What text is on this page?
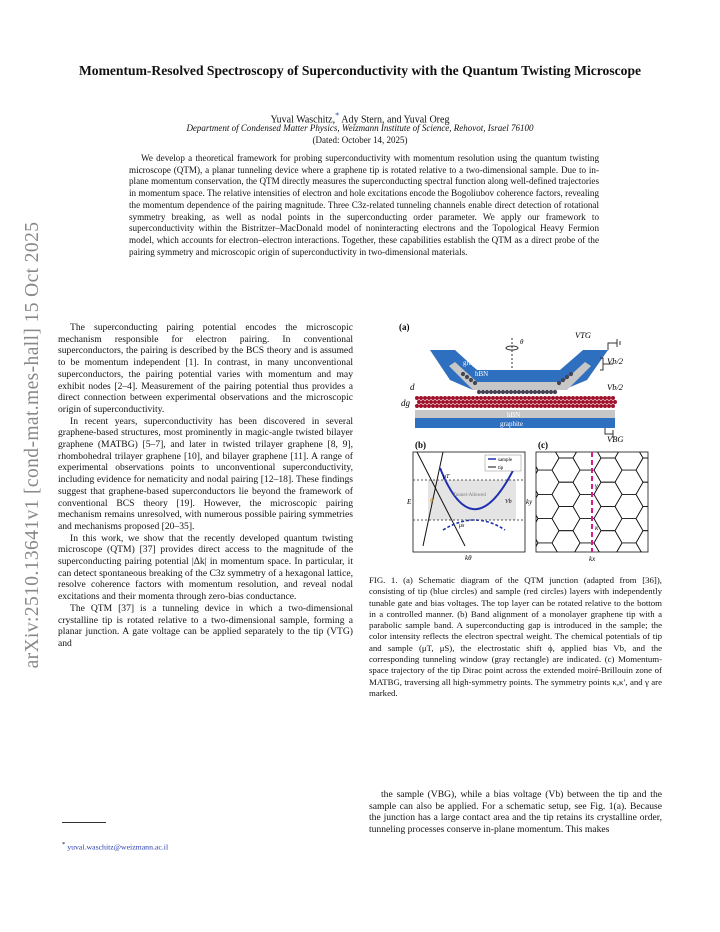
arXiv:2510.13641v1 [cond-mat.mes-hall] 15 Oct 2025
Momentum-Resolved Spectroscopy of Superconductivity with the Quantum Twisting Microscope
Yuval Waschitz,* Ady Stern, and Yuval Oreg
Department of Condensed Matter Physics, Weizmann Institute of Science, Rehovot, Israel 76100
(Dated: October 14, 2025)

We develop a theoretical framework for probing superconductivity with momentum resolution using the quantum twisting microscope (QTM), a planar tunneling device where a graphene tip is rotated relative to a two-dimensional sample. Due to in-plane momentum conservation, the QTM directly measures the superconducting spectral function along well-defined trajectories in momentum space. The relative intensities of electron and hole excitations encode the Bogoliubov coherence factors, revealing the momentum dependence of the pairing magnitude. Three C3z-related tunneling channels enable direct detection of rotational symmetry breaking, as well as nodal points in the superconducting order parameter. We apply our framework to superconductivity within the Bistritzer–MacDonald model of noninteracting electrons and the Topological Heavy Fermion model, which accounts for electron–electron interactions. Together, these capabilities establish the QTM as a direct probe of the pairing symmetry and microscopic origin of superconductivity in two-dimensional materials.

The superconducting pairing potential encodes the microscopic mechanism responsible for electron pairing. In conventional superconductors, the pairing is described by the BCS theory and is assumed to be momentum independent [1]. In contrast, in many unconventional superconductors, the pairing potential varies with momentum and may exhibit nodes [2–4]. Measurement of the pairing potential thus provides a direct connection between experimental observations and the microscopic origin of superconductivity.

In recent years, superconductivity has been discovered in several graphene-based structures, most prominently in magic-angle twisted bilayer graphene (MATBG) [5–7], and later in twisted trilayer graphene [8, 9], rhombohedral trilayer graphene [10], and bilayer graphene [11]. A range of experimental observations points to unconventional superconductivity, including evidence for nematicity and nodal pairing [12–18]. These findings suggest that graphene-based superconductors lie beyond the framework of conventional BCS theory [19]. However, the microscopic pairing mechanism remains unresolved, with numerous possible pairing symmetries and mechanisms proposed [20–35].

In this work, we show that the recently developed quantum twisting microscope (QTM) [37] provides direct access to the magnitude of the superconducting pairing potential |Δk| in momentum space. In particular, it can detect spontaneous breaking of the C3z symmetry of a hexagonal lattice, resolve coherence factors with momentum resolution, and reveal nodal excitations and their momenta through zero-bias conductance.

The QTM [37] is a tunneling device in which a two-dimensional crystalline tip is rotated relative to a two-dimensional sample, forming a planar junction. A gate voltage can be applied separately to the tip (VTG) and

* yuval.waschitz@weizmann.ac.il
(a)
graphite
hBN
hBN
graphite
θ
d
dg
VTG
Vb/2
Vb/2
VBG
(b)
Tunnel-Allowed
sample
tip
μT
μs
Vb
ϕ
E
kθ
(c)
γ
κ
ky
kx
FIG. 1. (a) Schematic diagram of the QTM junction (adapted from [36]), consisting of tip (blue circles) and sample (red circles) layers with independently tunable gate and bias voltages. The top layer can be rotated relative to the bottom in a controlled manner. (b) Band alignment of a monolayer graphene tip with a parabolic sample band. A superconducting gap is introduced in the sample; the color intensity reflects the electron spectral weight. The chemical potentials of tip and sample (μT, μS), the electrostatic shift ϕ, applied bias Vb, and the corresponding tunneling window (gray rectangle) are indicated. (c) Momentum-space trajectory of the tip Dirac point across the extended moiré-Brillouin zone of MATBG, traversing all high-symmetry points. The symmetry points κ,κ′, and γ are marked.

the sample (VBG), while a bias voltage (Vb) between the tip and the sample can also be applied. For a schematic setup, see Fig. 1(a). Because the junction has a large contact area and the tip retains its crystalline order, tunneling processes conserve in-plane momentum. This makes
